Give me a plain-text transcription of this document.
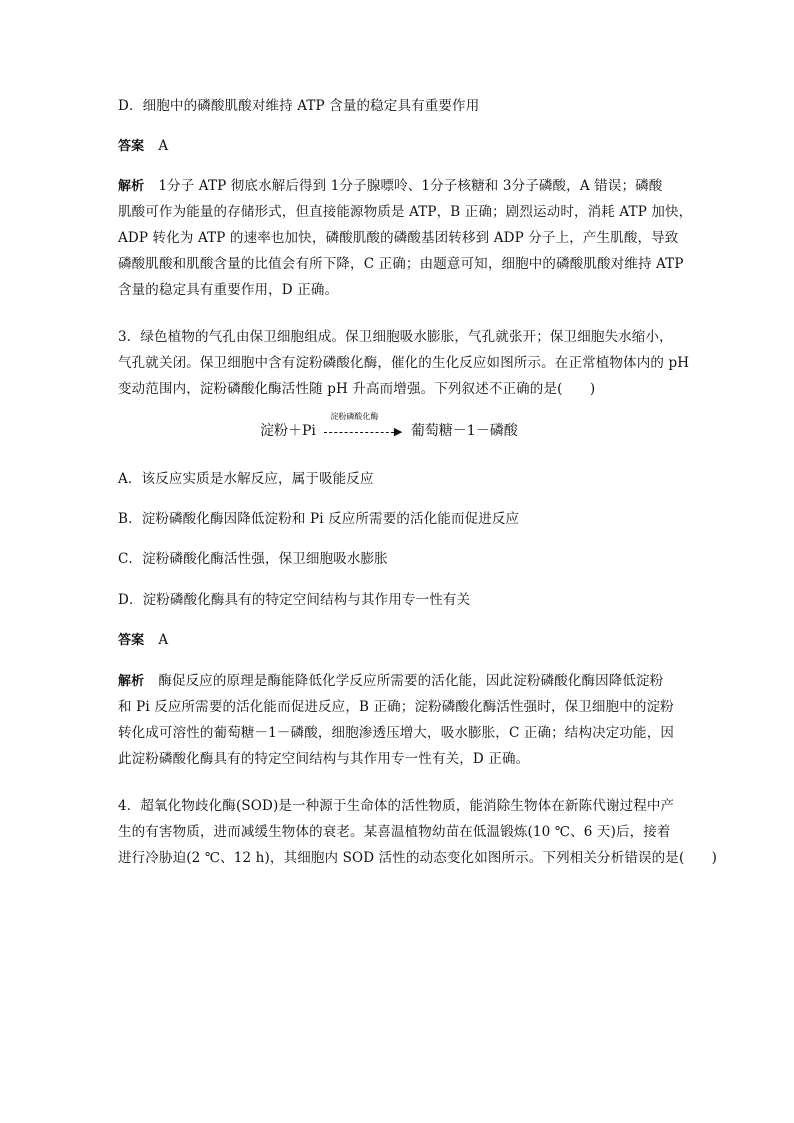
D．细胞中的磷酸肌酸对维持 ATP 含量的稳定具有重要作用
答案 A
解析 1分子 ATP 彻底水解后得到 1分子腺嘌呤、1分子核糖和 3分子磷酸，A 错误；磷酸
肌酸可作为能量的存储形式，但直接能源物质是 ATP，B 正确；剧烈运动时，消耗 ATP 加快，
ADP 转化为 ATP 的速率也加快，磷酸肌酸的磷酸基团转移到 ADP 分子上，产生肌酸，导致
磷酸肌酸和肌酸含量的比值会有所下降，C 正确；由题意可知，细胞中的磷酸肌酸对维持 ATP
含量的稳定具有重要作用，D 正确。
3．绿色植物的气孔由保卫细胞组成。保卫细胞吸水膨胀，气孔就张开；保卫细胞失水缩小，
气孔就关闭。保卫细胞中含有淀粉磷酸化酶，催化的生化反应如图所示。在正常植物体内的 pH
变动范围内，淀粉磷酸化酶活性随 pH 升高而增强。下列叙述不正确的是(　　)
淀粉＋Pi
淀粉磷酸化酶
▶ 葡萄糖－1－磷酸
A．该反应实质是水解反应，属于吸能反应
B．淀粉磷酸化酶因降低淀粉和 Pi 反应所需要的活化能而促进反应
C．淀粉磷酸化酶活性强，保卫细胞吸水膨胀
D．淀粉磷酸化酶具有的特定空间结构与其作用专一性有关
答案 A
解析 酶促反应的原理是酶能降低化学反应所需要的活化能，因此淀粉磷酸化酶因降低淀粉
和 Pi 反应所需要的活化能而促进反应，B 正确；淀粉磷酸化酶活性强时，保卫细胞中的淀粉
转化成可溶性的葡萄糖－1－磷酸，细胞渗透压增大，吸水膨胀，C 正确；结构决定功能，因
此淀粉磷酸化酶具有的特定空间结构与其作用专一性有关，D 正确。
4．超氧化物歧化酶(SOD)是一种源于生命体的活性物质，能消除生物体在新陈代谢过程中产
生的有害物质，进而减缓生物体的衰老。某喜温植物幼苗在低温锻炼(10 ℃、6 天)后，接着
进行冷胁迫(2 ℃、12 h)，其细胞内 SOD 活性的动态变化如图所示。下列相关分析错误的是(　　)
